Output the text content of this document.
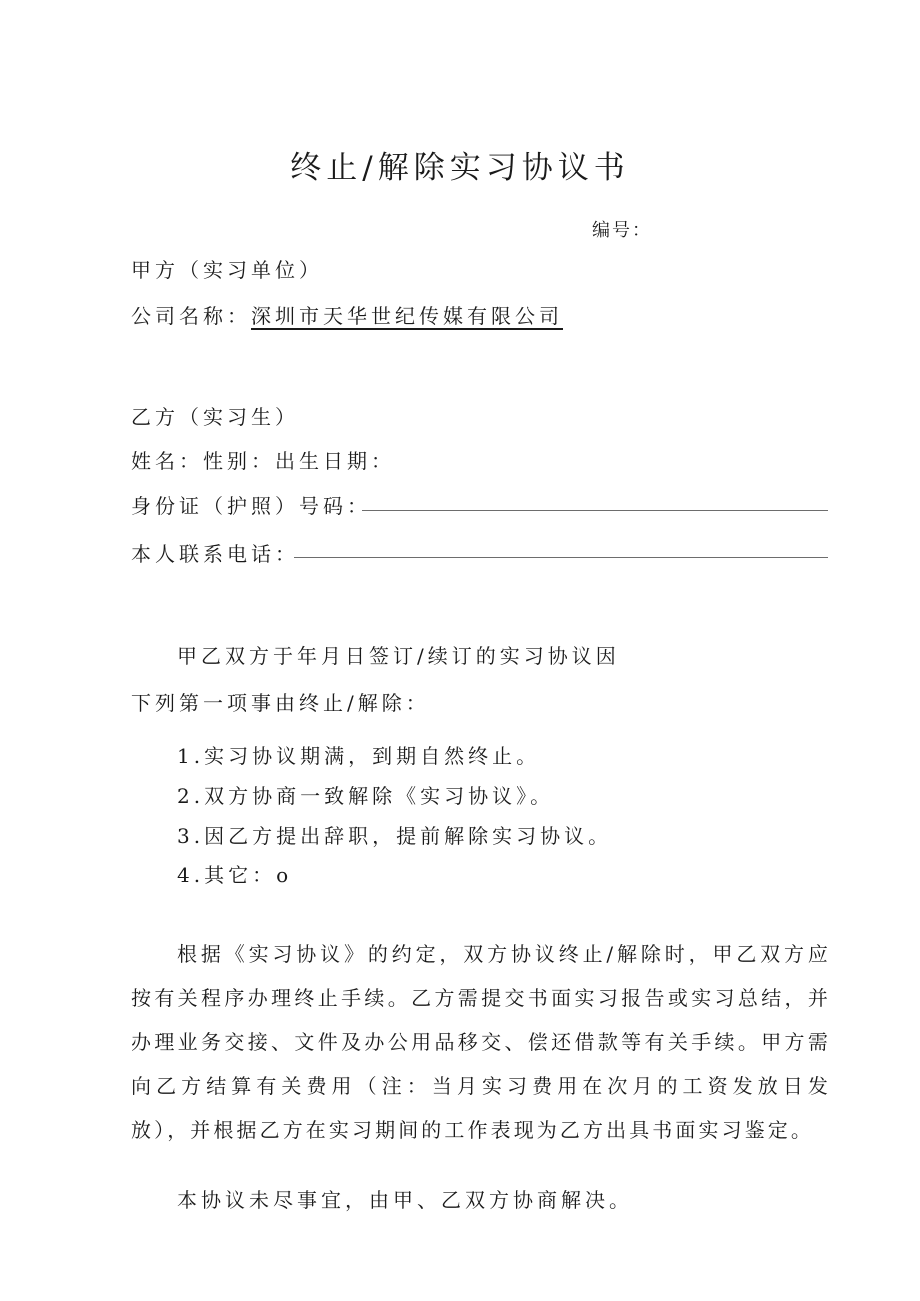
终止/解除实习协议书
编号：
甲方（实习单位）
公司名称：深圳市天华世纪传媒有限公司
乙方（实习生）
姓名：性别：出生日期：
身份证（护照）号码：
本人联系电话：
甲乙双方于年月日签订/续订的实习协议因
下列第一项事由终止/解除：
1.实习协议期满，到期自然终止。
2.双方协商一致解除《实习协议》。
3.因乙方提出辞职，提前解除实习协议。
4.其它：o
根据《实习协议》的约定，双方协议终止/解除时，甲乙双方应按有关程序办理终止手续。乙方需提交书面实习报告或实习总结，并办理业务交接、文件及办公用品移交、偿还借款等有关手续。甲方需向乙方结算有关费用（注：当月实习费用在次月的工资发放日发放），并根据乙方在实习期间的工作表现为乙方出具书面实习鉴定。
本协议未尽事宜，由甲、乙双方协商解决。
